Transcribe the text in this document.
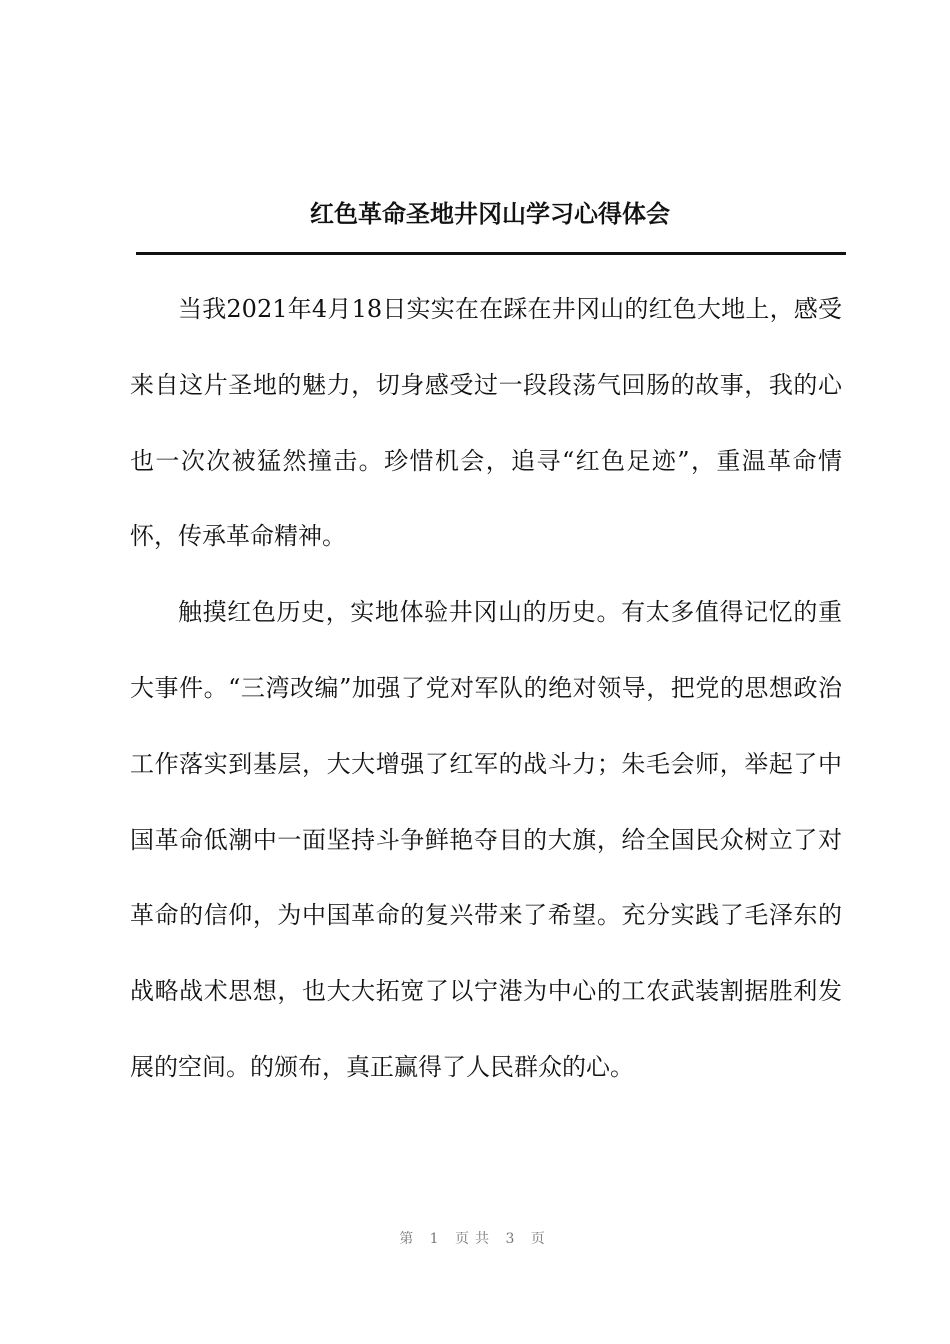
红色革命圣地井冈山学习心得体会

当我2021年4月18日实实在在踩在井冈山的红色大地上，感受来自这片圣地的魅力，切身感受过一段段荡气回肠的故事，我的心也一次次被猛然撞击。珍惜机会，追寻“红色足迹”，重温革命情怀，传承革命精神。

触摸红色历史，实地体验井冈山的历史。有太多值得记忆的重大事件。“三湾改编”加强了党对军队的绝对领导，把党的思想政治工作落实到基层，大大增强了红军的战斗力；朱毛会师，举起了中国革命低潮中一面坚持斗争鲜艳夺目的大旗，给全国民众树立了对革命的信仰，为中国革命的复兴带来了希望。充分实践了毛泽东的战略战术思想，也大大拓宽了以宁港为中心的工农武装割据胜利发展的空间。的颁布，真正赢得了人民群众的心。

第 1 页共 3 页
